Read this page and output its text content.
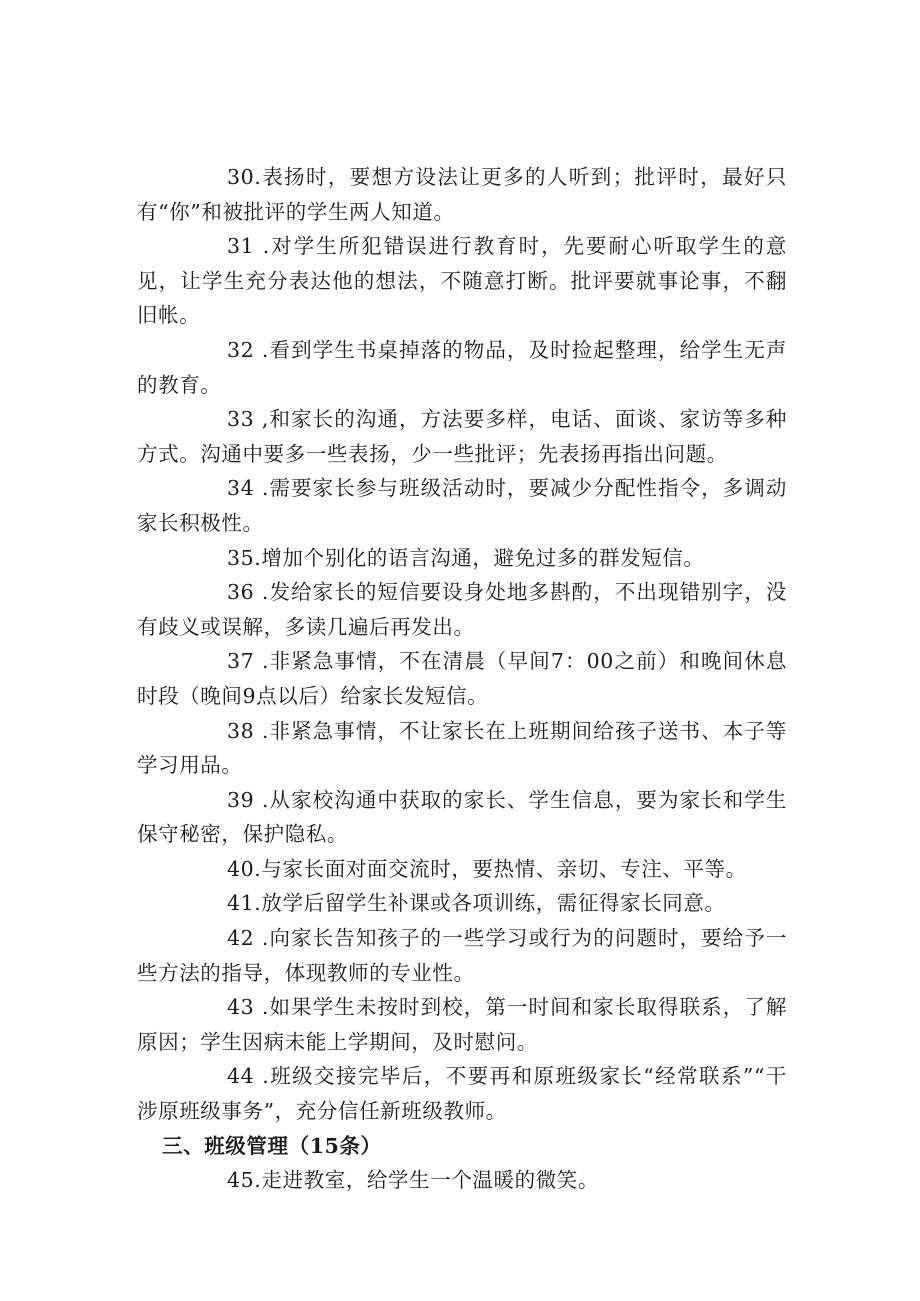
30.表扬时，要想方设法让更多的人听到；批评时，最好只有“你”和被批评的学生两人知道。

31 .对学生所犯错误进行教育时，先要耐心听取学生的意见，让学生充分表达他的想法，不随意打断。批评要就事论事，不翻旧帐。

32 .看到学生书桌掉落的物品，及时捡起整理，给学生无声的教育。

33 ,和家长的沟通，方法要多样，电话、面谈、家访等多种方式。沟通中要多一些表扬，少一些批评；先表扬再指出问题。

34 .需要家长参与班级活动时，要减少分配性指令，多调动家长积极性。

35.增加个别化的语言沟通，避免过多的群发短信。

36 .发给家长的短信要设身处地多斟酌，不出现错别字，没有歧义或误解，多读几遍后再发出。

37 .非紧急事情，不在清晨（早间7：00之前）和晚间休息时段（晚间9点以后）给家长发短信。

38 .非紧急事情，不让家长在上班期间给孩子送书、本子等学习用品。

39 .从家校沟通中获取的家长、学生信息，要为家长和学生保守秘密，保护隐私。

40.与家长面对面交流时，要热情、亲切、专注、平等。

41.放学后留学生补课或各项训练，需征得家长同意。

42 .向家长告知孩子的一些学习或行为的问题时，要给予一些方法的指导，体现教师的专业性。

43 .如果学生未按时到校，第一时间和家长取得联系，了解原因；学生因病未能上学期间，及时慰问。

44 .班级交接完毕后，不要再和原班级家长“经常联系”“干涉原班级事务”，充分信任新班级教师。

三、班级管理（15条）

45.走进教室，给学生一个温暖的微笑。
